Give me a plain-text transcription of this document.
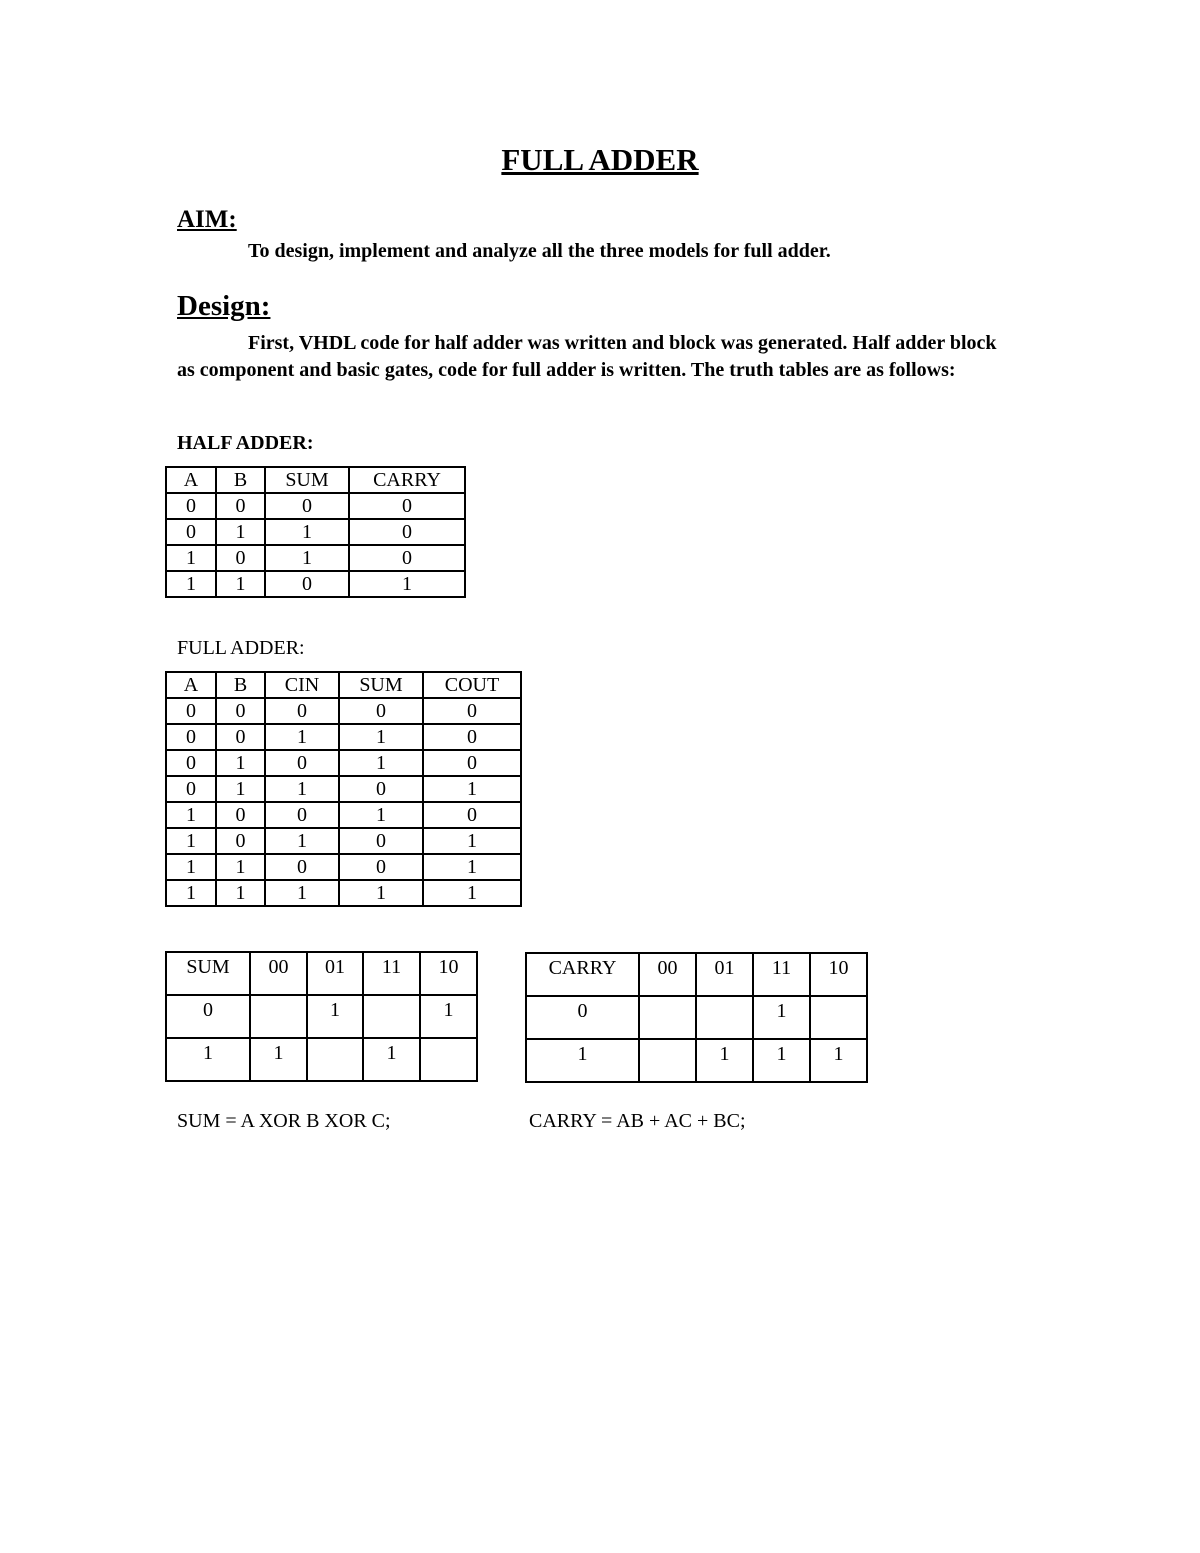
FULL ADDER
AIM:
To design, implement and analyze all the three models for full adder.
Design:

First, VHDL code for half adder was written and block was generated. Half adder block as component and basic gates, code for full adder is written. The truth tables are as follows:

HALF ADDER:
A	B	SUM	CARRY
0	0	0	0
0	1	1	0
1	0	1	0
1	1	0	1
FULL ADDER:
A	B	CIN	SUM	COUT
0	0	0	0	0
0	0	1	1	0
0	1	0	1	0
0	1	1	0	1
1	0	0	1	0
1	0	1	0	1
1	1	0	0	1
1	1	1	1	1
SUM	00	01	11	10
0		1		1
1	1		1	
CARRY	00	01	11	10
0			1	
1		1	1	1
SUM = A XOR B XOR C;	CARRY = AB + AC + BC;
